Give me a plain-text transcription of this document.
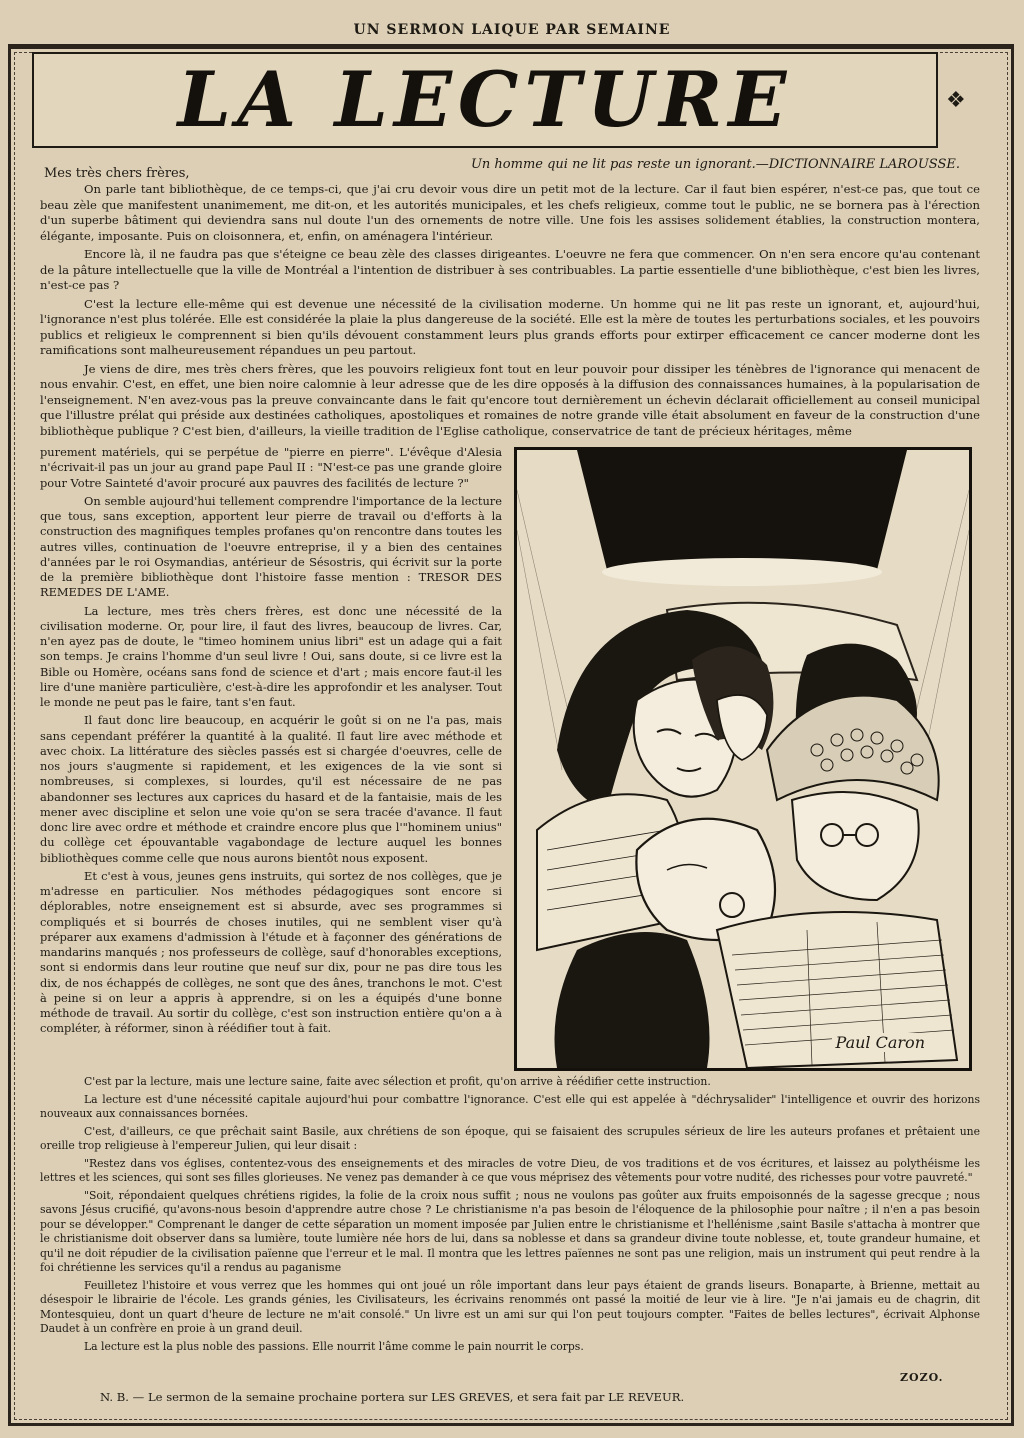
UN SERMON LAIQUE PAR SEMAINE
LA LECTURE	❖
Un homme qui ne lit pas reste un ignorant.—DICTIONNAIRE LAROUSSE.
Mes très chers frères,

On parle tant bibliothèque, de ce temps-ci, que j'ai cru devoir vous dire un petit mot de la lecture. Car il faut bien espérer, n'est-ce pas, que tout ce beau zèle que manifestent unanimement, me dit-on, et les autorités municipales, et les chefs religieux, comme tout le public, ne se bornera pas à l'érection d'un superbe bâtiment qui deviendra sans nul doute l'un des ornements de notre ville. Une fois les assises solidement établies, la construction montera, élégante, imposante. Puis on cloisonnera, et, enfin, on aménagera l'intérieur.

Encore là, il ne faudra pas que s'éteigne ce beau zèle des classes dirigeantes. L'oeuvre ne fera que commencer. On n'en sera encore qu'au contenant de la pâture intellectuelle que la ville de Montréal a l'intention de distribuer à ses contribuables. La partie essentielle d'une bibliothèque, c'est bien les livres, n'est-ce pas ?

C'est la lecture elle-même qui est devenue une nécessité de la civilisation moderne. Un homme qui ne lit pas reste un ignorant, et, aujourd'hui, l'ignorance n'est plus tolérée. Elle est considérée la plaie la plus dangereuse de la société. Elle est la mère de toutes les perturbations sociales, et les pouvoirs publics et religieux le comprennent si bien qu'ils dévouent constamment leurs plus grands efforts pour extirper efficacement ce cancer moderne dont les ramifications sont malheureusement répandues un peu partout.

Je viens de dire, mes très chers frères, que les pouvoirs religieux font tout en leur pouvoir pour dissiper les ténèbres de l'ignorance qui menacent de nous envahir. C'est, en effet, une bien noire calomnie à leur adresse que de les dire opposés à la diffusion des connaissances humaines, à la popularisation de l'enseignement. N'en avez-vous pas la preuve convaincante dans le fait qu'encore tout dernièrement un échevin déclarait officiellement au conseil municipal que l'illustre prélat qui préside aux destinées catholiques, apostoliques et romaines de notre grande ville était absolument en faveur de la construction d'une bibliothèque publique ? C'est bien, d'ailleurs, la vieille tradition de l'Eglise catholique, conservatrice de tant de précieux héritages, même

purement matériels, qui se perpétue de "pierre en pierre". L'évêque d'Alesia n'écrivait-il pas un jour au grand pape Paul II : "N'est-ce pas une grande gloire pour Votre Sainteté d'avoir procuré aux pauvres des facilités de lecture ?"

On semble aujourd'hui tellement comprendre l'importance de la lecture que tous, sans exception, apportent leur pierre de travail ou d'efforts à la construction des magnifiques temples profanes qu'on rencontre dans toutes les autres villes, continuation de l'oeuvre entreprise, il y a bien des centaines d'années par le roi Osymandias, antérieur de Sésostris, qui écrivit sur la porte de la première bibliothèque dont l'histoire fasse mention : TRESOR DES REMEDES DE L'AME.

La lecture, mes très chers frères, est donc une nécessité de la civilisation moderne. Or, pour lire, il faut des livres, beaucoup de livres. Car, n'en ayez pas de doute, le "timeo hominem unius libri" est un adage qui a fait son temps. Je crains l'homme d'un seul livre ! Oui, sans doute, si ce livre est la Bible ou Homère, océans sans fond de science et d'art ; mais encore faut-il les lire d'une manière particulière, c'est-à-dire les approfondir et les analyser. Tout le monde ne peut pas le faire, tant s'en faut.

Il faut donc lire beaucoup, en acquérir le goût si on ne l'a pas, mais sans cependant préférer la quantité à la qualité. Il faut lire avec méthode et avec choix. La littérature des siècles passés est si chargée d'oeuvres, celle de nos jours s'augmente si rapidement, et les exigences de la vie sont si nombreuses, si complexes, si lourdes, qu'il est nécessaire de ne pas abandonner ses lectures aux caprices du hasard et de la fantaisie, mais de les mener avec discipline et selon une voie qu'on se sera tracée d'avance. Il faut donc lire avec ordre et méthode et craindre encore plus que l'"hominem unius" du collège cet épouvantable vagabondage de lecture auquel les bonnes bibliothèques comme celle que nous aurons bientôt nous exposent.

Et c'est à vous, jeunes gens instruits, qui sortez de nos collèges, que je m'adresse en particulier. Nos méthodes pédagogiques sont encore si déplorables, notre enseignement est si absurde, avec ses programmes si compliqués et si bourrés de choses inutiles, qui ne semblent viser qu'à préparer aux examens d'admission à l'étude et à façonner des générations de mandarins manqués ; nos professeurs de collège, sauf d'honorables exceptions, sont si endormis dans leur routine que neuf sur dix, pour ne pas dire tous les dix, de nos échappés de collèges, ne sont que des ânes, tranchons le mot. C'est à peine si on leur a appris à apprendre, si on les a équipés d'une bonne méthode de travail. Au sortir du collège, c'est son instruction entière qu'on a à compléter, à réformer, sinon à réédifier tout à fait.

Paul Caron

C'est par la lecture, mais une lecture saine, faite avec sélection et profit, qu'on arrive à réédifier cette instruction.

La lecture est d'une nécessité capitale aujourd'hui pour combattre l'ignorance. C'est elle qui est appelée à "déchrysalider" l'intelligence et ouvrir des horizons nouveaux aux connaissances bornées.

C'est, d'ailleurs, ce que prêchait saint Basile, aux chrétiens de son époque, qui se faisaient des scrupules sérieux de lire les auteurs profanes et prêtaient une oreille trop religieuse à l'empereur Julien, qui leur disait :

"Restez dans vos églises, contentez-vous des enseignements et des miracles de votre Dieu, de vos traditions et de vos écritures, et laissez au polythéisme les lettres et les sciences, qui sont ses filles glorieuses. Ne venez pas demander à ce que vous méprisez des vêtements pour votre nudité, des richesses pour votre pauvreté."

"Soit, répondaient quelques chrétiens rigides, la folie de la croix nous suffit ; nous ne voulons pas goûter aux fruits empoisonnés de la sagesse grecque ; nous savons Jésus crucifié, qu'avons-nous besoin d'apprendre autre chose ? Le christianisme n'a pas besoin de l'éloquence de la philosophie pour naître ; il n'en a pas besoin pour se développer." Comprenant le danger de cette séparation un moment imposée par Julien entre le christianisme et l'hellénisme ,saint Basile s'attacha à montrer que le christianisme doit observer dans sa lumière, toute lumière née hors de lui, dans sa noblesse et dans sa grandeur divine toute noblesse, et, toute grandeur humaine, et qu'il ne doit répudier de la civilisation païenne que l'erreur et le mal. Il montra que les lettres païennes ne sont pas une religion, mais un instrument qui peut rendre à la foi chrétienne les services qu'il a rendus au paganisme

Feuilletez l'histoire et vous verrez que les hommes qui ont joué un rôle important dans leur pays étaient de grands liseurs. Bonaparte, à Brienne, mettait au désespoir le librairie de l'école. Les grands génies, les Civilisateurs, les écrivains renommés ont passé la moitié de leur vie à lire. "Je n'ai jamais eu de chagrin, dit Montesquieu, dont un quart d'heure de lecture ne m'ait consolé." Un livre est un ami sur qui l'on peut toujours compter. "Faites de belles lectures", écrivait Alphonse Daudet à un confrère en proie à un grand deuil.

La lecture est la plus noble des passions. Elle nourrit l'âme comme le pain nourrit le corps.

ZOZO.
N. B. — Le sermon de la semaine prochaine portera sur LES GREVES, et sera fait par LE REVEUR.
